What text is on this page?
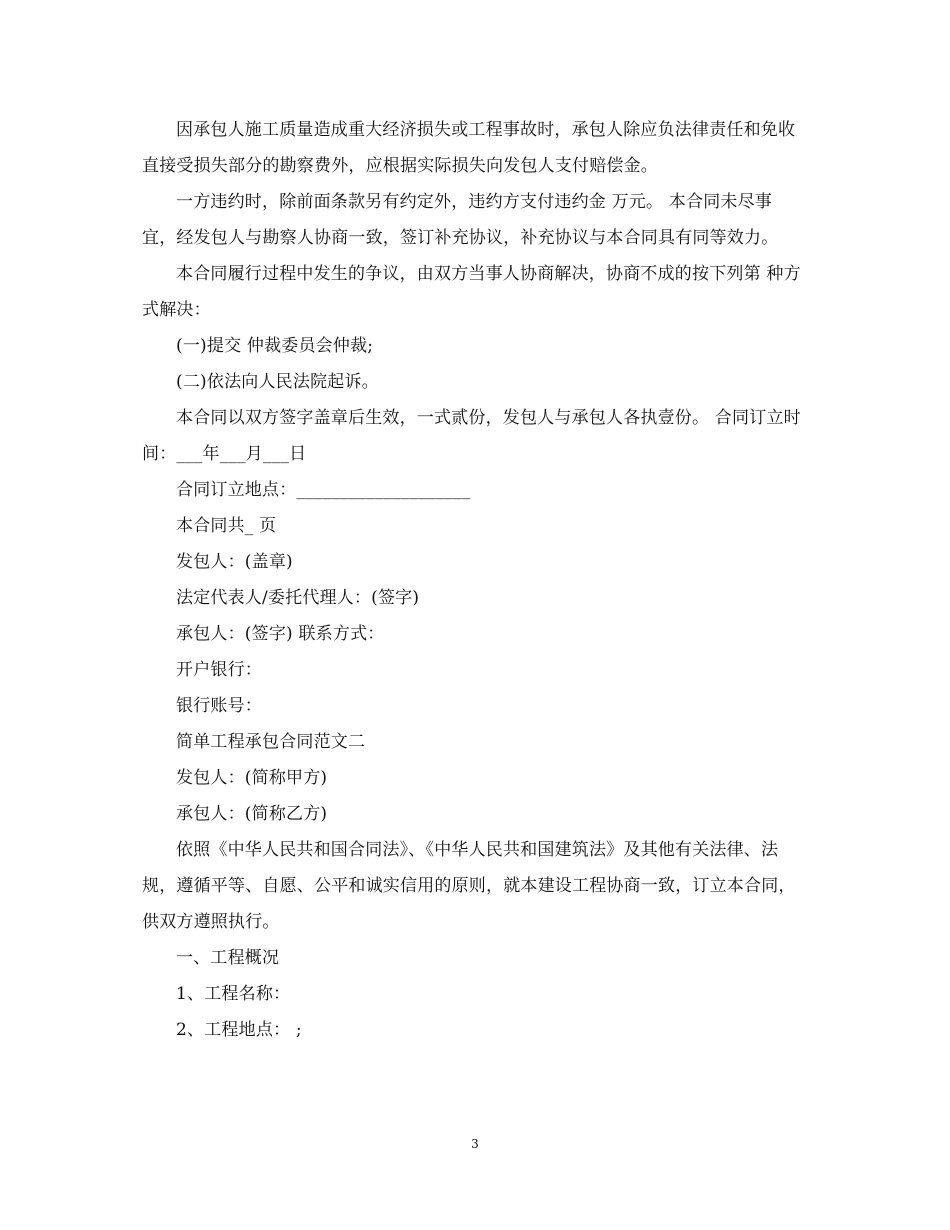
因承包人施工质量造成重大经济损失或工程事故时，承包人除应负法律责任和免收直接受损失部分的勘察费外，应根据实际损失向发包人支付赔偿金。

一方违约时，除前面条款另有约定外，违约方支付违约金 万元。 本合同未尽事宜，经发包人与勘察人协商一致，签订补充协议，补充协议与本合同具有同等效力。

本合同履行过程中发生的争议，由双方当事人协商解决，协商不成的按下列第 种方式解决：

(一)提交 仲裁委员会仲裁;

(二)依法向人民法院起诉。

本合同以双方签字盖章后生效，一式贰份，发包人与承包人各执壹份。 合同订立时间：___年___月___日

合同订立地点：____________________

本合同共_ 页

发包人：(盖章)

法定代表人/委托代理人：(签字)

承包人：(签字) 联系方式：

开户银行：

银行账号：

简单工程承包合同范文二

发包人：(简称甲方)

承包人：(简称乙方)

依照《中华人民共和国合同法》、《中华人民共和国建筑法》及其他有关法律、法规，遵循平等、自愿、公平和诚实信用的原则，就本建设工程协商一致，订立本合同，供双方遵照执行。

一、工程概况

1、工程名称：

2、工程地点： ;

3
